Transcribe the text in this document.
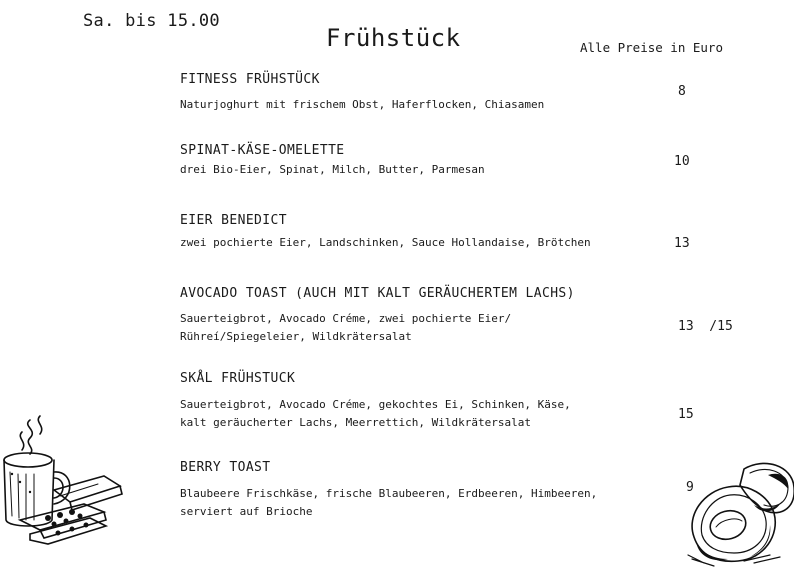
Sa. bis 15.00
Frühstück	Alle Preise in Euro
FITNESS FRÜHSTÜCK
Naturjoghurt mit frischem Obst, Haferflocken, Chiasamen
8
SPINAT-KÄSE-OMELETTE
drei Bio-Eier, Spinat, Milch, Butter, Parmesan
10
EIER BENEDICT
zwei pochierte Eier, Landschinken, Sauce Hollandaise, Brötchen	13
AVOCADO TOAST (AUCH MIT KALT GERÄUCHERTEM LACHS)
Sauerteigbrot, Avocado Créme, zwei pochierte Eier/
Rühreí/Spiegeleier, Wildkrätersalat
13  /15
SKÅL FRÜHSTUCK
Sauerteigbrot, Avocado Créme, gekochtes Ei, Schinken, Käse,
kalt geräucherter Lachs, Meerrettich, Wildkrätersalat
15
BERRY TOAST
Blaubeere Frischkäse, frische Blaubeeren, Erdbeeren, Himbeeren,
serviert auf Brioche
9
